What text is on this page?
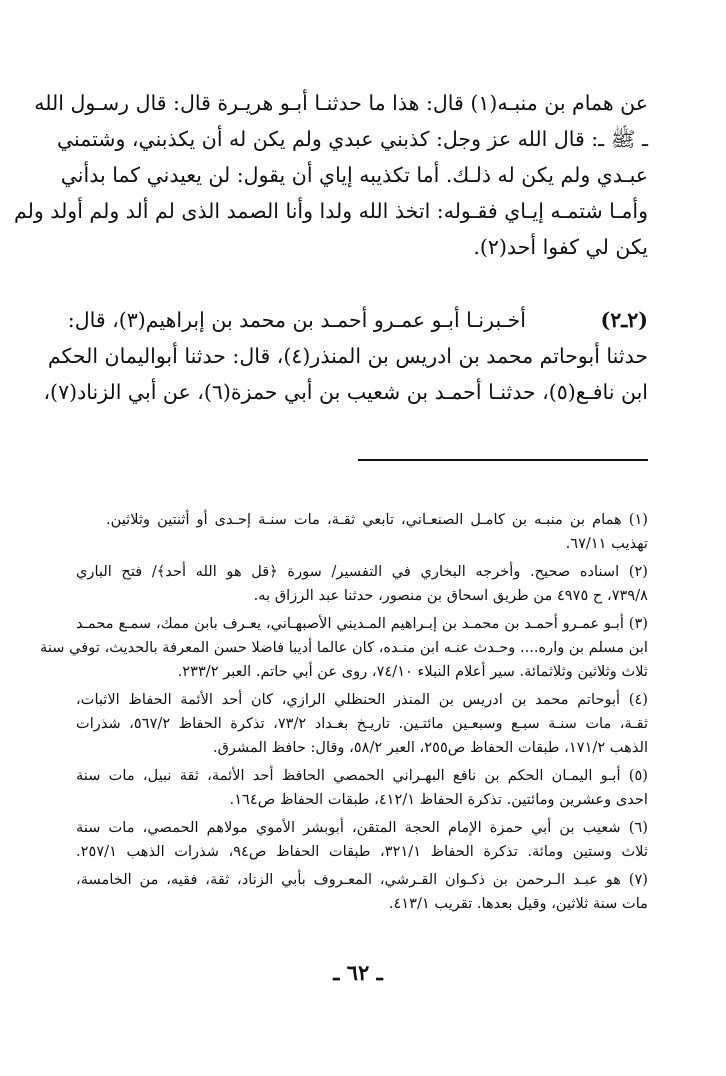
عن همام بن منبـه(١) قال: هذا ما حدثنـا أبـو هريـرة قال: قال رسـول الله
ـ ﷺ ـ: قال الله عز وجل: كذبني عبدي ولم يكن له أن يكذبني، وشتمني
عبـدي ولم يكن له ذلـك. أما تكذيبه إياي أن يقول: لن يعيدني كما بدأني
وأمـا شتمـه إيـاي فقـوله: اتخذ الله ولدا وأنا الصمد الذى لم ألد ولم أولد ولم
يكن لي كفوا أحد(٢).
(٢ـ٢)
أخـبرنـا أبـو عمـرو أحمـد بن محمد بن إبراهيم(٣)، قال:
حدثنا أبوحاتم محمد بن ادريس بن المنذر(٤)، قال: حدثنا أبواليمان الحكم
ابن نافـع(٥)، حدثنـا أحمـد بن شعيب بن أبي حمزة(٦)، عن أبي الزناد(٧)،
(١) همام بن منبـه بن كامـل الصنعـاني، تابعي ثقـة، مات سنـة إحـدى أو أثنتين وثلاثين.
تهذيب ٦٧/١١.
(٢) اسناده صحيح. وأخرجه البخاري في التفسير/ سورة ﴿قل هو الله أحد﴾/ فتح الباري
٧٣٩/٨، ح ٤٩٧٥ من طريق اسحاق بن منصور، حدثنا عبد الرزاق به.
(٣) أبـو عمـرو أحمـد بن محمـد بن إبـراهيم المـديني الأصبهـاني، يعـرف بابن ممك، سمـع محمـد
ابن مسلم بن واره.... وحـدث عنـه ابن منـده، كان عالما أديبا فاضلا حسن المعرفة بالحديث، توفي سنة
ثلاث وثلاثين وثلاثمائة. سير أعلام النبلاء ٧٤/١٠، روى عن أبي حاتم. العبر ٢٣٣/٢.
(٤) أبوحاتم محمد بن ادريس بن المنذر الحنظلي الرازي، كان أحد الأئمة الحفاظ الاثبات،
ثقـة، مات سنـة سبـع وسبعـين مائتـين. تاريـخ بغـداد ٧٣/٢، تذكرة الحفاظ ٥٦٧/٢، شذرات
الذهب ١٧١/٢، طبقات الحفاظ ص٢٥٥، العبر ٥٨/٢، وقال: حافظ المشرق.
(٥) أبـو اليمـان الحكم بن نافع البهـراني الحمصي الحافظ أحد الأئمة، ثقة نبيل، مات سنة
احدى وعشرين ومائتين. تذكرة الحفاظ ٤١٢/١، طبقات الحفاظ ص١٦٤.
(٦) شعيب بن أبي حمزة الإمام الحجة المتقن، أبوبشر الأموي مولاهم الحمصي، مات سنة
ثلاث وستين ومائة. تذكرة الحفاظ ٣٢١/١، طبقات الحفاظ ص٩٤، شذرات الذهب ٢٥٧/١.
(٧) هو عبـد الـرحمن بن ذكـوان القـرشي، المعـروف بأبي الزناد، ثقة، فقيه، من الخامسة،
مات سنة ثلاثين، وقيل بعدها. تقريب ٤١٣/١.
ـ ٦٢ ـ
